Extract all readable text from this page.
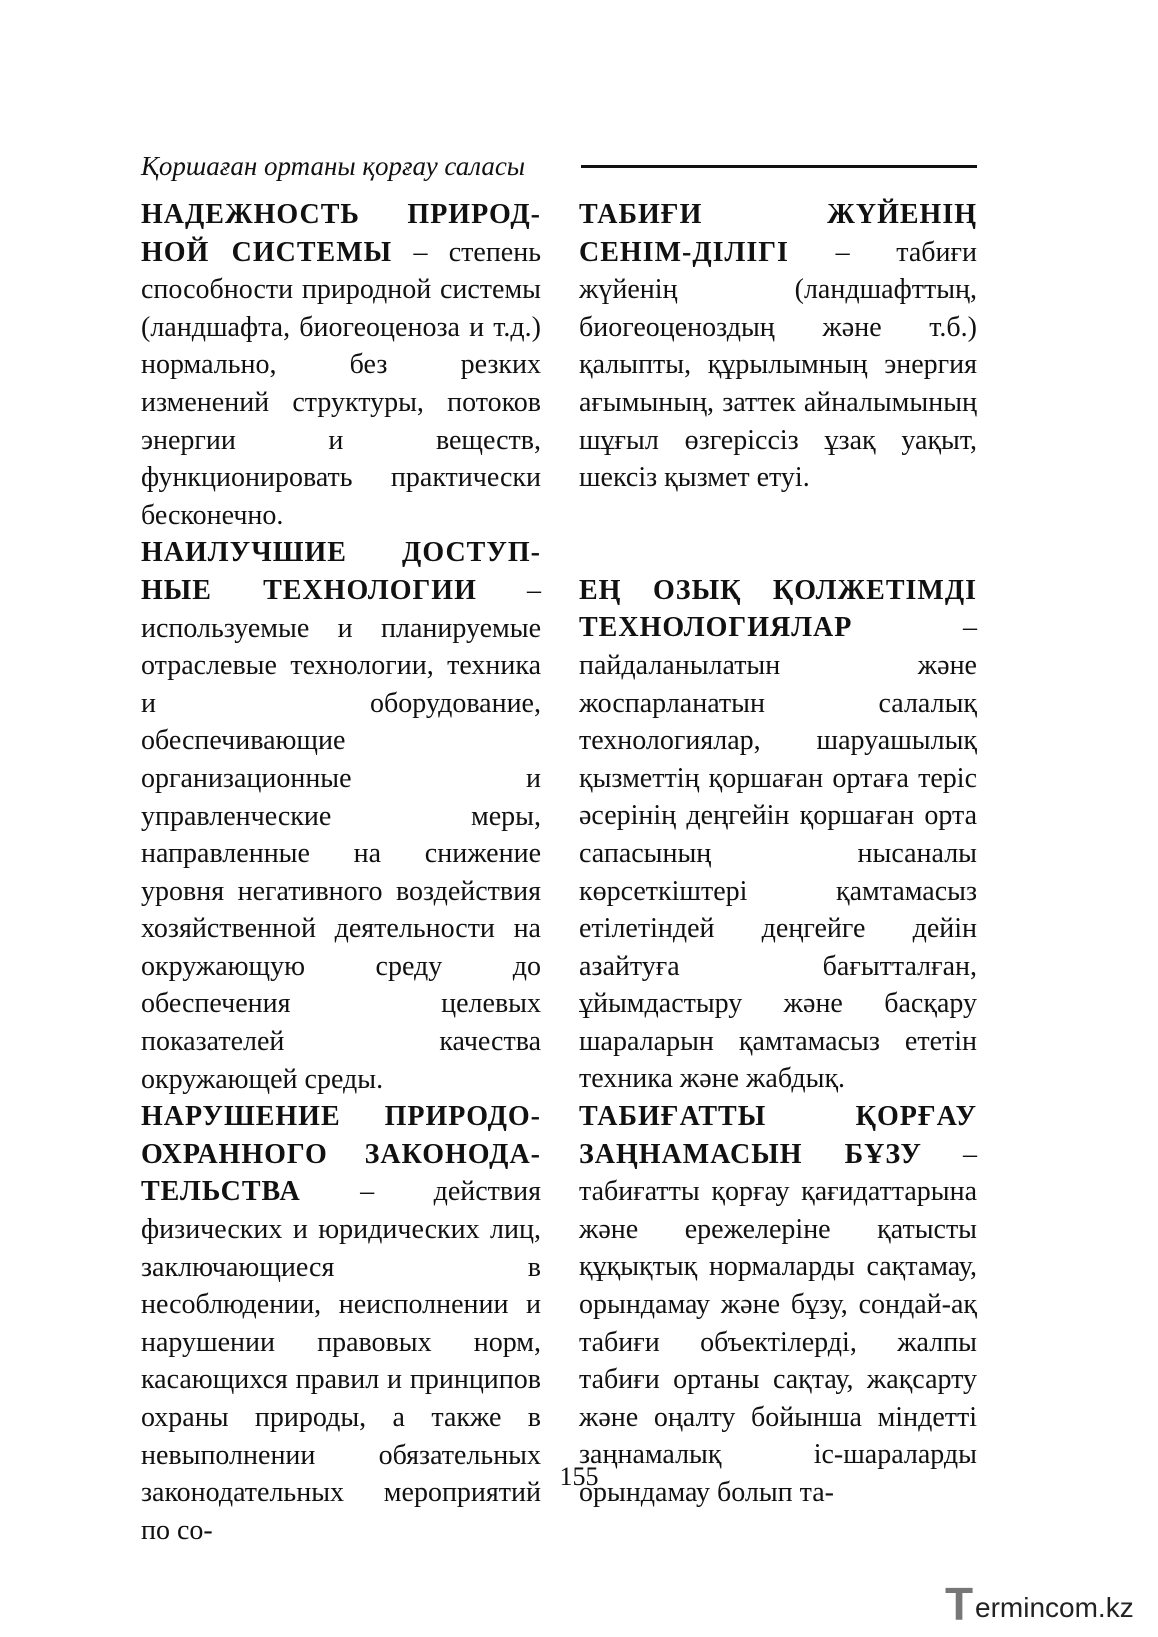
Қоршаған ортаны қорғау саласы

НАДЕЖНОСТЬ ПРИРОД-НОЙ СИСТЕМЫ – степень способности природной системы (ландшафта, биогеоценоза и т.д.) нормально, без резких изменений структуры, потоков энергии и веществ, функционировать практически бесконечно.

НАИЛУЧШИЕ ДОСТУП-НЫЕ ТЕХНОЛОГИИ – используемые и планируемые отраслевые технологии, техника и оборудование, обеспечивающие организационные и управленческие меры, направленные на снижение уровня негативного воздействия хозяйственной деятельности на окружающую среду до обеспечения целевых показателей качества окружающей среды.

НАРУШЕНИЕ ПРИРОДО-ОХРАННОГО ЗАКОНОДА-ТЕЛЬСТВА – действия физических и юридических лиц, заключающиеся в несоблюдении, неисполнении и нарушении правовых норм, касающихся правил и принципов охраны природы, а также в невыполнении обязательных законодательных мероприятий по со-

ТАБИҒИ ЖҮЙЕНІҢ СЕНІМ-ДІЛІГІ – табиғи жүйенің (ландшафттың, биогеоценоздың және т.б.) қалыпты, құрылымның энергия ағымының, заттек айналымының шұғыл өзгеріссіз ұзақ уақыт, шексіз қызмет етуі.

ЕҢ ОЗЫҚ ҚОЛЖЕТІМДІ ТЕХНОЛОГИЯЛАР – пайдаланылатын және жоспарланатын салалық технологиялар, шаруашылық қызметтің қоршаған ортаға теріс әсерінің деңгейін қоршаған орта сапасының нысаналы көрсеткіштері қамтамасыз етілетіндей деңгейге дейін азайтуға бағытталған, ұйымдастыру және басқару шараларын қамтамасыз ететін техника және жабдық.

ТАБИҒАТТЫ ҚОРҒАУ ЗАҢНАМАСЫН БҰЗУ – табиғатты қорғау қағидаттарына және ережелеріне қатысты құқықтық нормаларды сақтамау, орындамау және бұзу, сондай-ақ табиғи объектілерді, жалпы табиғи ортаны сақтау, жақсарту және оңалту бойынша міндетті заңнамалық іс-шараларды орындамау болып та-

155
T ermincom.kz
